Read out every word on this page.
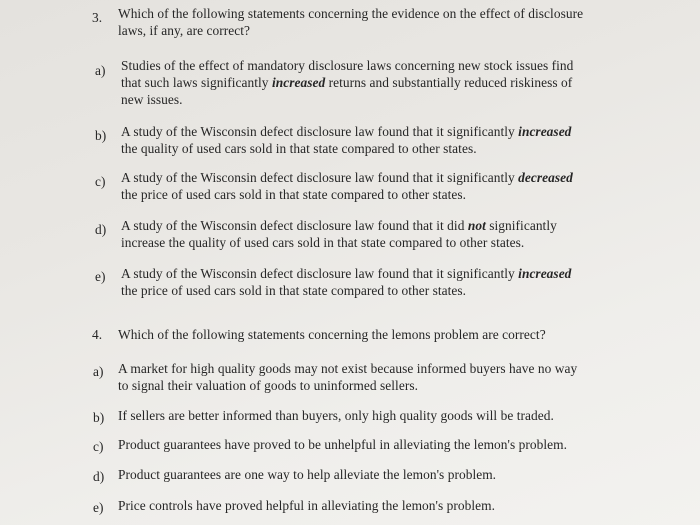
3. Which of the following statements concerning the evidence on the effect of disclosure
laws, if any, are correct?
a) Studies of the effect of mandatory disclosure laws concerning new stock issues find
that such laws significantly increased returns and substantially reduced riskiness of
new issues.
b) A study of the Wisconsin defect disclosure law found that it significantly increased
the quality of used cars sold in that state compared to other states.
c) A study of the Wisconsin defect disclosure law found that it significantly decreased
the price of used cars sold in that state compared to other states.
d) A study of the Wisconsin defect disclosure law found that it did not significantly
increase the quality of used cars sold in that state compared to other states.
e) A study of the Wisconsin defect disclosure law found that it significantly increased
the price of used cars sold in that state compared to other states.
4. Which of the following statements concerning the lemons problem are correct?
a) A market for high quality goods may not exist because informed buyers have no way
to signal their valuation of goods to uninformed sellers.
b) If sellers are better informed than buyers, only high quality goods will be traded.
c) Product guarantees have proved to be unhelpful in alleviating the lemon's problem.
d) Product guarantees are one way to help alleviate the lemon's problem.
e) Price controls have proved helpful in alleviating the lemon's problem.
